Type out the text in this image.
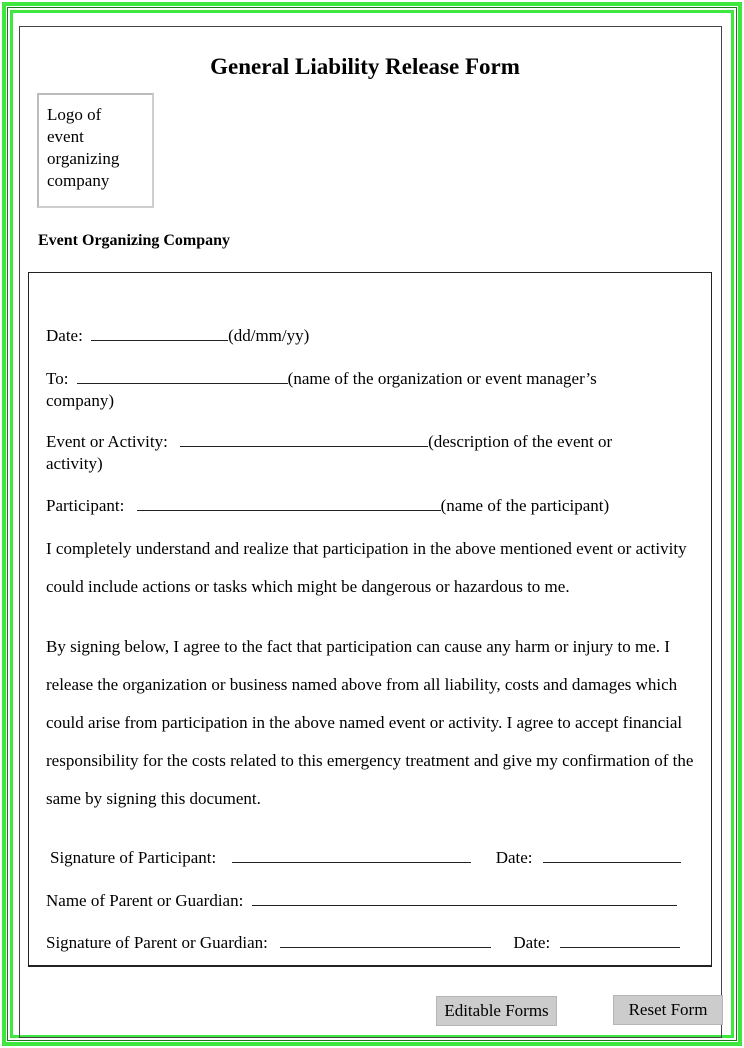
General Liability Release Form
Logo of
event
organizing
company
Event Organizing Company
Date:	(dd/mm/yy)
To:	(name of the organization or event manager’s
company)
Event or Activity:	(description of the event or
activity)
Participant:	(name of the participant)
I completely understand and realize that participation in the above mentioned event or activity could include actions or tasks which might be dangerous or hazardous to me.
By signing below, I agree to the fact that participation can cause any harm or injury to me. I release the organization or business named above from all liability, costs and damages which could arise from participation in the above named event or activity. I agree to accept financial responsibility for the costs related to this emergency treatment and give my confirmation of the same by signing this document.
Signature of Participant:	Date:
Name of Parent or Guardian:
Signature of Parent or Guardian:	Date:
Editable Forms	Reset Form
